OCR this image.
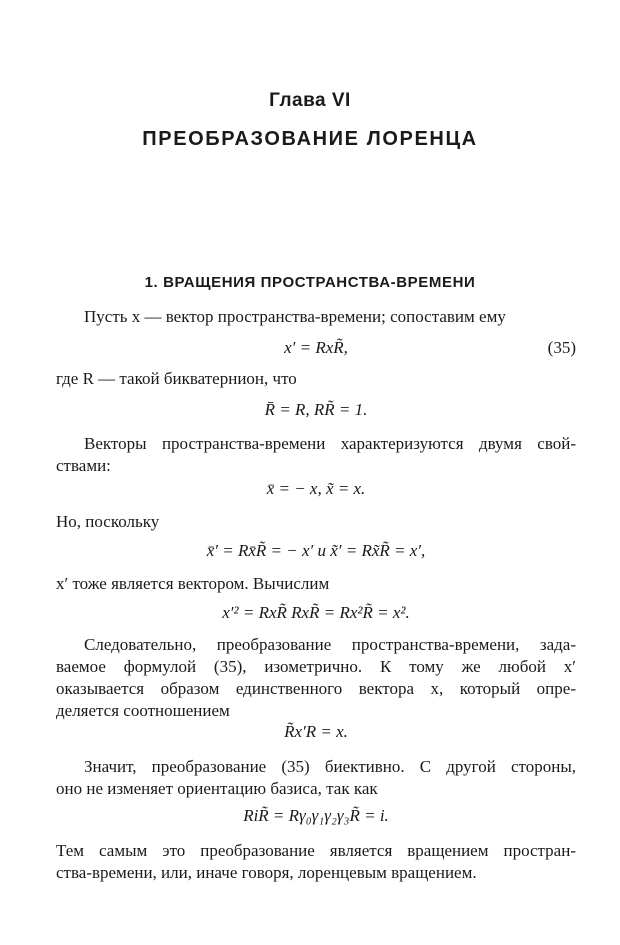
Глава VI
ПРЕОБРАЗОВАНИЕ ЛОРЕНЦА
1. ВРАЩЕНИЯ ПРОСТРАНСТВА-ВРЕМЕНИ
Пусть x — вектор пространства-времени; сопоставим ему
x′ = RxR̃,	(35)
где R — такой бикватернион, что
R̄ = R, RR̃ = 1.
Векторы пространства-времени характеризуются двумя свой-
ствами:
x̄ = − x, x̃ = x.
Но, поскольку
x̄′ = Rx̄R̃ = − x′ и x̃′ = Rx̃R̃ = x′,
x′ тоже является вектором. Вычислим
x′² = RxR̃ RxR̃ = Rx²R̃ = x².
Следовательно, преобразование пространства-времени, зада-
ваемое формулой (35), изометрично. К тому же любой x′
оказывается образом единственного вектора x, который опре-
деляется соотношением
R̃x′R = x.
Значит, преобразование (35) биективно. С другой стороны,
оно не изменяет ориентацию базиса, так как
RiR̃ = Rγ₀γ₁γ₂γ₃R̃ = i.
Тем самым это преобразование является вращением простран-
ства-времени, или, иначе говоря, лоренцевым вращением.
